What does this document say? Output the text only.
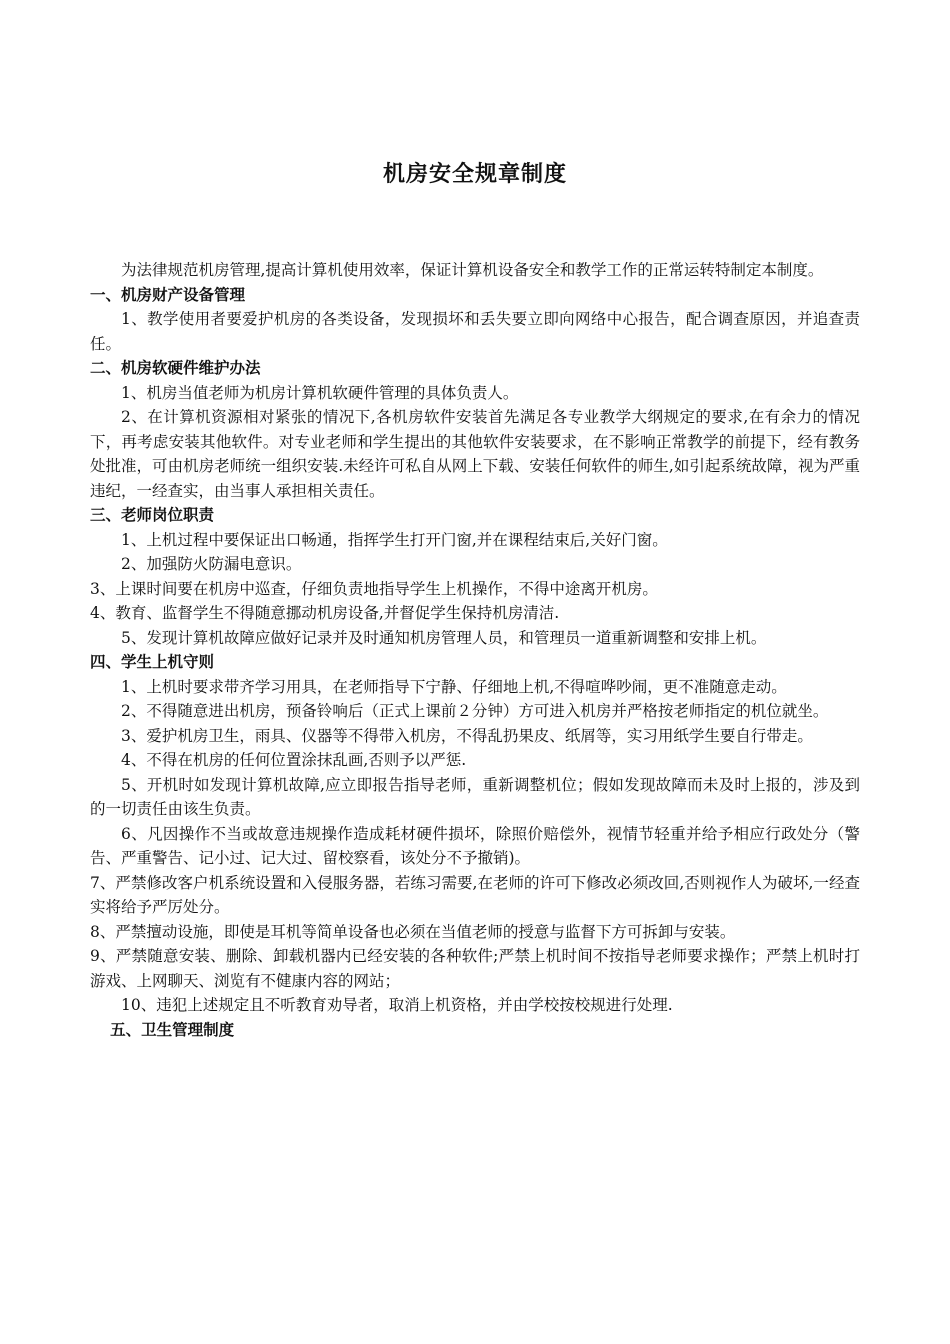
机房安全规章制度

为法律规范机房管理,提高计算机使用效率，保证计算机设备安全和教学工作的正常运转特制定本制度。

一、机房财产设备管理

1、教学使用者要爱护机房的各类设备，发现损坏和丢失要立即向网络中心报告，配合调查原因，并追查责任。

二、机房软硬件维护办法

1、机房当值老师为机房计算机软硬件管理的具体负责人。

2、在计算机资源相对紧张的情况下,各机房软件安装首先满足各专业教学大纲规定的要求,在有余力的情况下，再考虑安装其他软件。对专业老师和学生提出的其他软件安装要求，在不影响正常教学的前提下，经有教务处批准，可由机房老师统一组织安装.未经许可私自从网上下载、安装任何软件的师生,如引起系统故障，视为严重违纪，一经查实，由当事人承担相关责任。

三、老师岗位职责

1、上机过程中要保证出口畅通，指挥学生打开门窗,并在课程结束后,关好门窗。

2、加强防火防漏电意识。

3、上课时间要在机房中巡查，仔细负责地指导学生上机操作，不得中途离开机房。

4、教育、监督学生不得随意挪动机房设备,并督促学生保持机房清洁.

5、发现计算机故障应做好记录并及时通知机房管理人员，和管理员一道重新调整和安排上机。

四、学生上机守则

1、上机时要求带齐学习用具，在老师指导下宁静、仔细地上机,不得喧哗吵闹，更不准随意走动。

2、不得随意进出机房，预备铃响后（正式上课前２分钟）方可进入机房并严格按老师指定的机位就坐。

3、爱护机房卫生，雨具、仪器等不得带入机房，不得乱扔果皮、纸屑等，实习用纸学生要自行带走。

4、不得在机房的任何位置涂抹乱画,否则予以严惩.

5、开机时如发现计算机故障,应立即报告指导老师，重新调整机位；假如发现故障而未及时上报的，涉及到的一切责任由该生负责。

6、凡因操作不当或故意违规操作造成耗材硬件损坏，除照价赔偿外，视情节轻重并给予相应行政处分（警告、严重警告、记小过、记大过、留校察看，该处分不予撤销)。

7、严禁修改客户机系统设置和入侵服务器，若练习需要,在老师的许可下修改必须改回,否则视作人为破坏,一经查实将给予严厉处分。

8、严禁擅动设施，即使是耳机等简单设备也必须在当值老师的授意与监督下方可拆卸与安装。

9、严禁随意安装、删除、卸载机器内已经安装的各种软件;严禁上机时间不按指导老师要求操作；严禁上机时打游戏、上网聊天、浏览有不健康内容的网站；

10、违犯上述规定且不听教育劝导者，取消上机资格，并由学校按校规进行处理.

五、卫生管理制度
